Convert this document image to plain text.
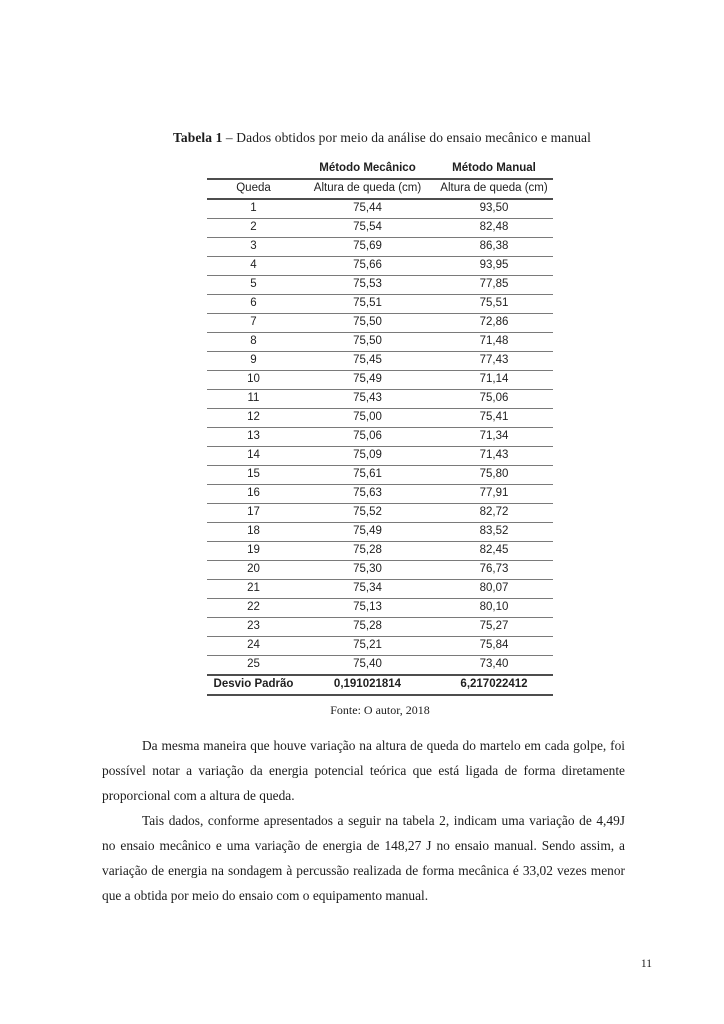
Tabela 1 – Dados obtidos por meio da análise do ensaio mecânico e manual
	Método Mecânico	Método Manual
Queda	Altura de queda (cm)	Altura de queda (cm)
1	75,44	93,50
2	75,54	82,48
3	75,69	86,38
4	75,66	93,95
5	75,53	77,85
6	75,51	75,51
7	75,50	72,86
8	75,50	71,48
9	75,45	77,43
10	75,49	71,14
11	75,43	75,06
12	75,00	75,41
13	75,06	71,34
14	75,09	71,43
15	75,61	75,80
16	75,63	77,91
17	75,52	82,72
18	75,49	83,52
19	75,28	82,45
20	75,30	76,73
21	75,34	80,07
22	75,13	80,10
23	75,28	75,27
24	75,21	75,84
25	75,40	73,40
Desvio Padrão	0,191021814	6,217022412
Fonte: O autor, 2018

Da mesma maneira que houve variação na altura de queda do martelo em cada golpe, foi possível notar a variação da energia potencial teórica que está ligada de forma diretamente proporcional com a altura de queda.

Tais dados, conforme apresentados a seguir na tabela 2, indicam uma variação de 4,49J no ensaio mecânico e uma variação de energia de 148,27 J no ensaio manual. Sendo assim, a variação de energia na sondagem à percussão realizada de forma mecânica é 33,02 vezes menor que a obtida por meio do ensaio com o equipamento manual.

11
